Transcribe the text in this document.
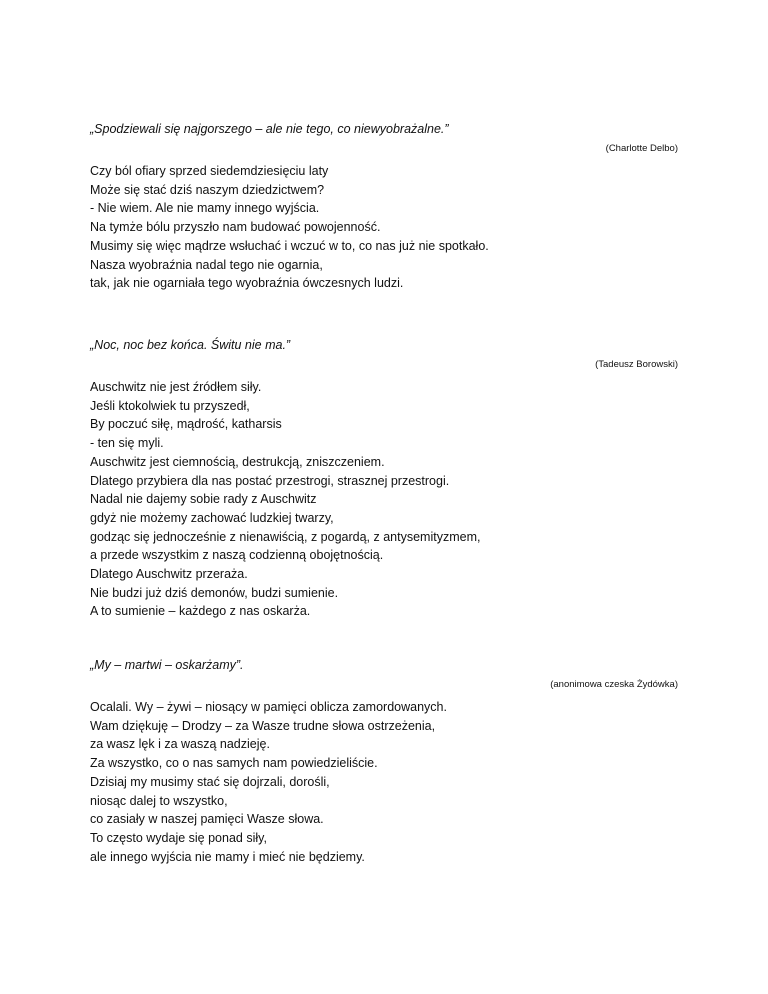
„Spodziewali się najgorszego – ale nie tego, co niewyobrażalne.”

(Charlotte Delbo)

Czy ból ofiary sprzed siedemdziesięciu laty
Może się stać dziś naszym dziedzictwem?
- Nie wiem. Ale nie mamy innego wyjścia.
Na tymże bólu przyszło nam budować powojenność.
Musimy się więc mądrze wsłuchać i wczuć w to, co nas już nie spotkało.
Nasza wyobraźnia nadal tego nie ogarnia,
tak, jak nie ogarniała tego wyobraźnia ówczesnych ludzi.

„Noc, noc bez końca. Świtu nie ma.”

(Tadeusz Borowski)

Auschwitz nie jest źródłem siły.
Jeśli ktokolwiek tu przyszedł,
By poczuć siłę, mądrość, katharsis
- ten się myli.
Auschwitz jest ciemnością, destrukcją, zniszczeniem.
Dlatego przybiera dla nas postać przestrogi, strasznej przestrogi.
Nadal nie dajemy sobie rady z Auschwitz
gdyż nie możemy zachować ludzkiej twarzy,
godząc się jednocześnie z nienawiścią, z pogardą, z antysemityzmem,
a przede wszystkim z naszą codzienną obojętnością.
Dlatego Auschwitz przeraża.
Nie budzi już dziś demonów, budzi sumienie.
A to sumienie – każdego z nas oskarża.

„My – martwi – oskarżamy”.

(anonimowa czeska Żydówka)

Ocalali. Wy – żywi – niosący w pamięci oblicza zamordowanych.
Wam dziękuję – Drodzy – za Wasze trudne słowa ostrzeżenia,
za wasz lęk i za waszą nadzieję.
Za wszystko, co o nas samych nam powiedzieliście.
Dzisiaj my musimy stać się dojrzali, dorośli,
niosąc dalej to wszystko,
co zasiały w naszej pamięci Wasze słowa.
To często wydaje się ponad siły,
ale innego wyjścia nie mamy i mieć nie będziemy.
